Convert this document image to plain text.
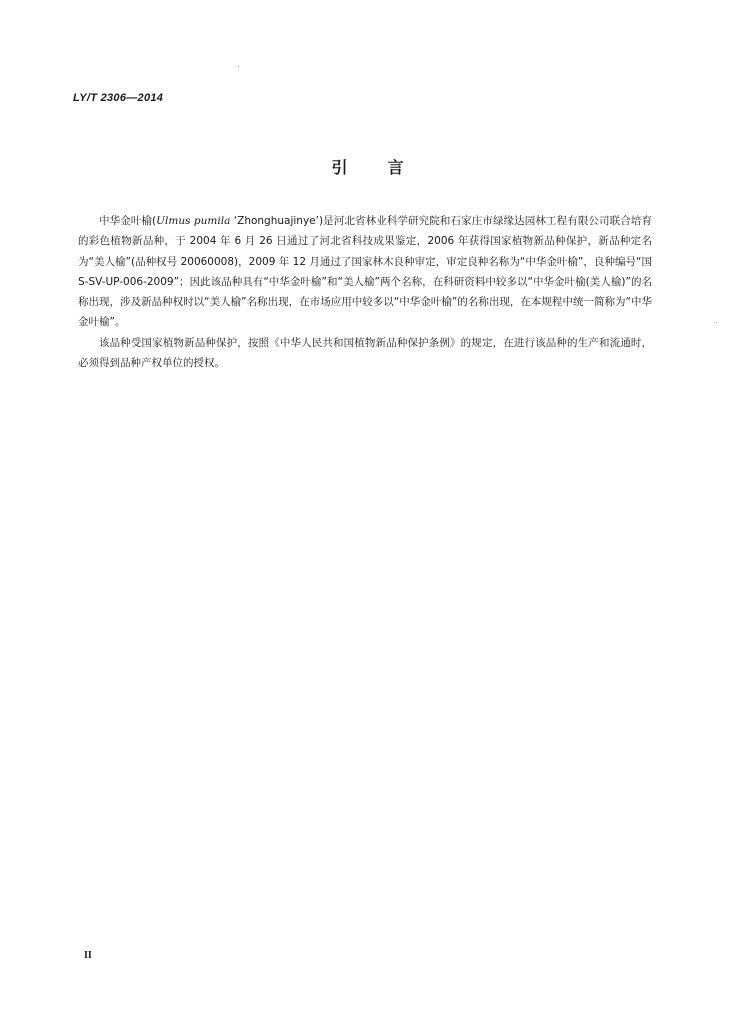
LY/T 2306—2014
引言

中华金叶榆(Ulmus pumila ‘Zhonghuajinye’)是河北省林业科学研究院和石家庄市绿缘达园林工程有限公司联合培育的彩色植物新品种，于 2004 年 6 月 26 日通过了河北省科技成果鉴定，2006 年获得国家植物新品种保护，新品种定名为“美人榆”(品种权号 20060008)，2009 年 12 月通过了国家林木良种审定，审定良种名称为“中华金叶榆”，良种编号“国 S-SV-UP-006-2009”；因此该品种具有“中华金叶榆”和“美人榆”两个名称，在科研资料中较多以“中华金叶榆(美人榆)”的名称出现，涉及新品种权时以“美人榆”名称出现，在市场应用中较多以“中华金叶榆”的名称出现，在本规程中统一简称为“中华金叶榆”。

该品种受国家植物新品种保护，按照《中华人民共和国植物新品种保护条例》的规定，在进行该品种的生产和流通时，必须得到品种产权单位的授权。

II
